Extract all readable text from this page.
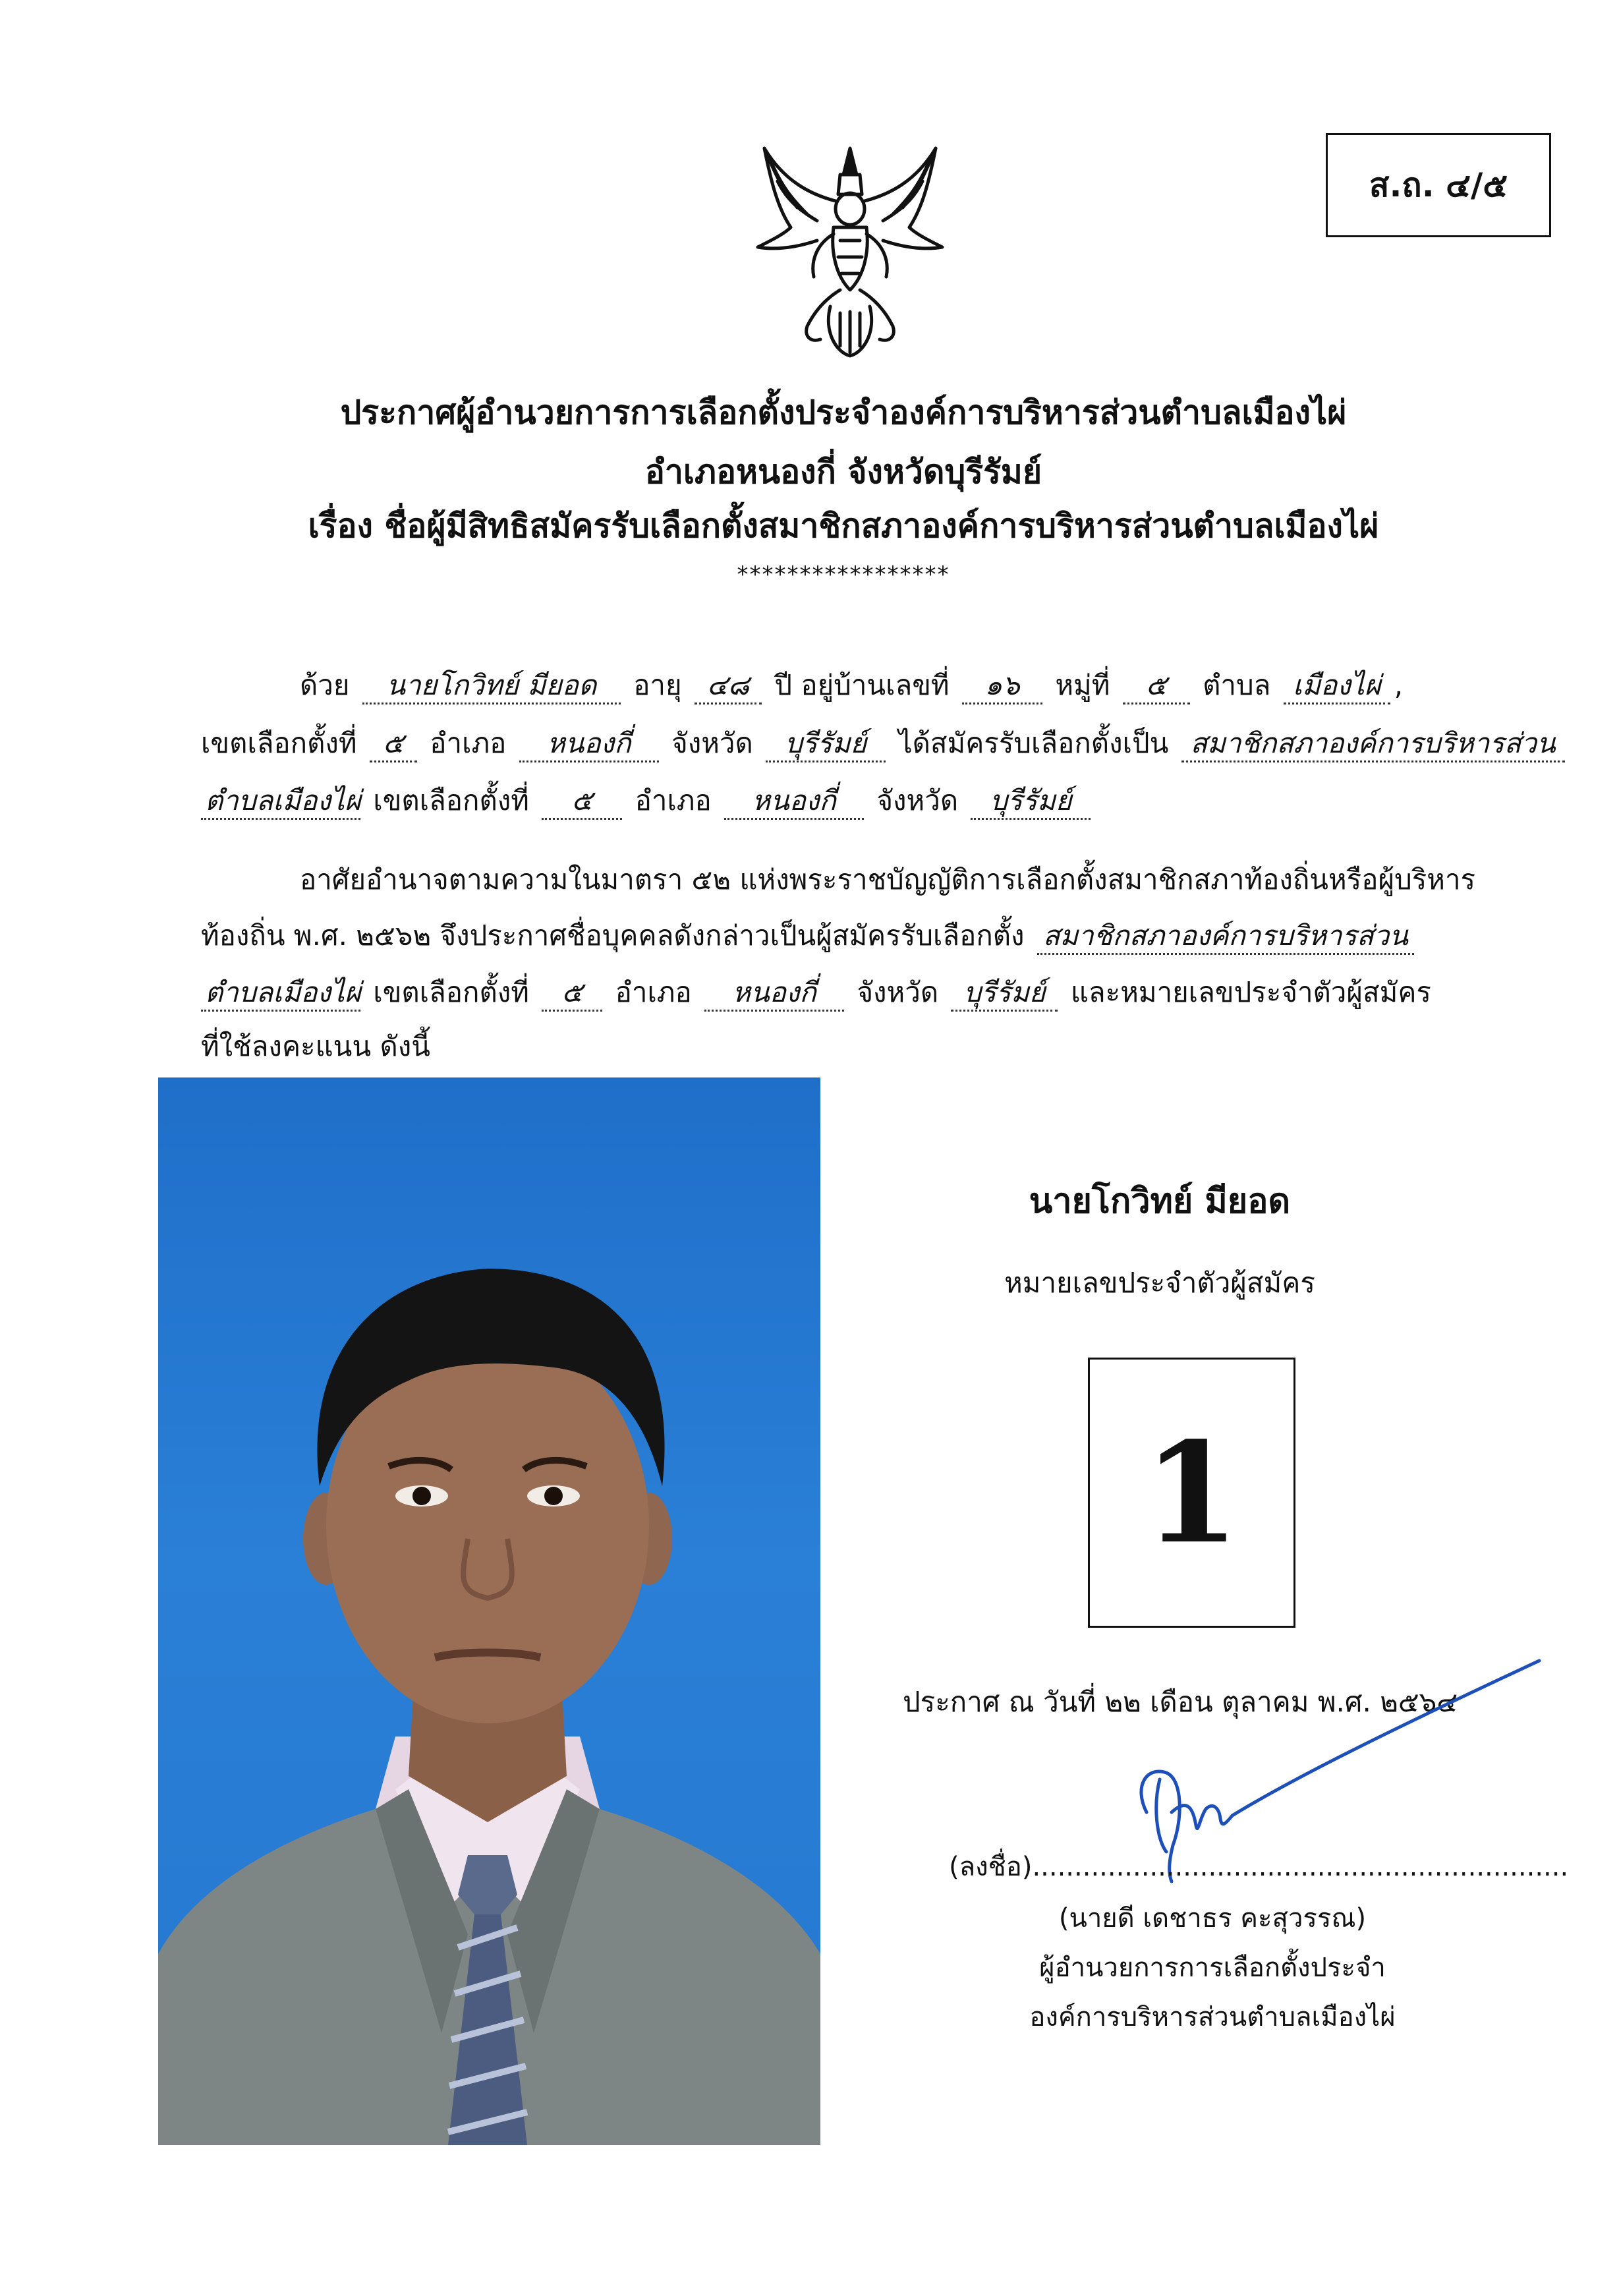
ส.ถ. ๔/๕
ประกาศผู้อำนวยการการเลือกตั้งประจำองค์การบริหารส่วนตำบลเมืองไผ่
อำเภอหนองกี่ จังหวัดบุรีรัมย์
เรื่อง ชื่อผู้มีสิทธิสมัครรับเลือกตั้งสมาชิกสภาองค์การบริหารส่วนตำบลเมืองไผ่
*****************
ด้วย นายโกวิทย์ มียอด อายุ ๔๘ ปี อยู่บ้านเลขที่ ๑๖ หมู่ที่ ๕ ตำบล เมืองไผ่ ,
เขตเลือกตั้งที่ ๕ อำเภอ หนองกี่ จังหวัด บุรีรัมย์ ได้สมัครรับเลือกตั้งเป็น สมาชิกสภาองค์การบริหารส่วน
ตำบลเมืองไผ่ เขตเลือกตั้งที่ ๕ อำเภอ หนองกี่ จังหวัด บุรีรัมย์
อาศัยอำนาจตามความในมาตรา ๕๒ แห่งพระราชบัญญัติการเลือกตั้งสมาชิกสภาท้องถิ่นหรือผู้บริหาร
ท้องถิ่น พ.ศ. ๒๕๖๒ จึงประกาศชื่อบุคคลดังกล่าวเป็นผู้สมัครรับเลือกตั้ง สมาชิกสภาองค์การบริหารส่วน
ตำบลเมืองไผ่ เขตเลือกตั้งที่ ๕ อำเภอ หนองกี่ จังหวัด บุรีรัมย์ และหมายเลขประจำตัวผู้สมัคร
ที่ใช้ลงคะแนน ดังนี้
นายโกวิทย์ มียอด
หมายเลขประจำตัวผู้สมัคร
1
ประกาศ ณ วันที่ ๒๒ เดือน ตุลาคม พ.ศ. ๒๕๖๔
(ลงชื่อ)................................................................
(นายดี เดชาธร คะสุวรรณ)
ผู้อำนวยการการเลือกตั้งประจำ
องค์การบริหารส่วนตำบลเมืองไผ่
